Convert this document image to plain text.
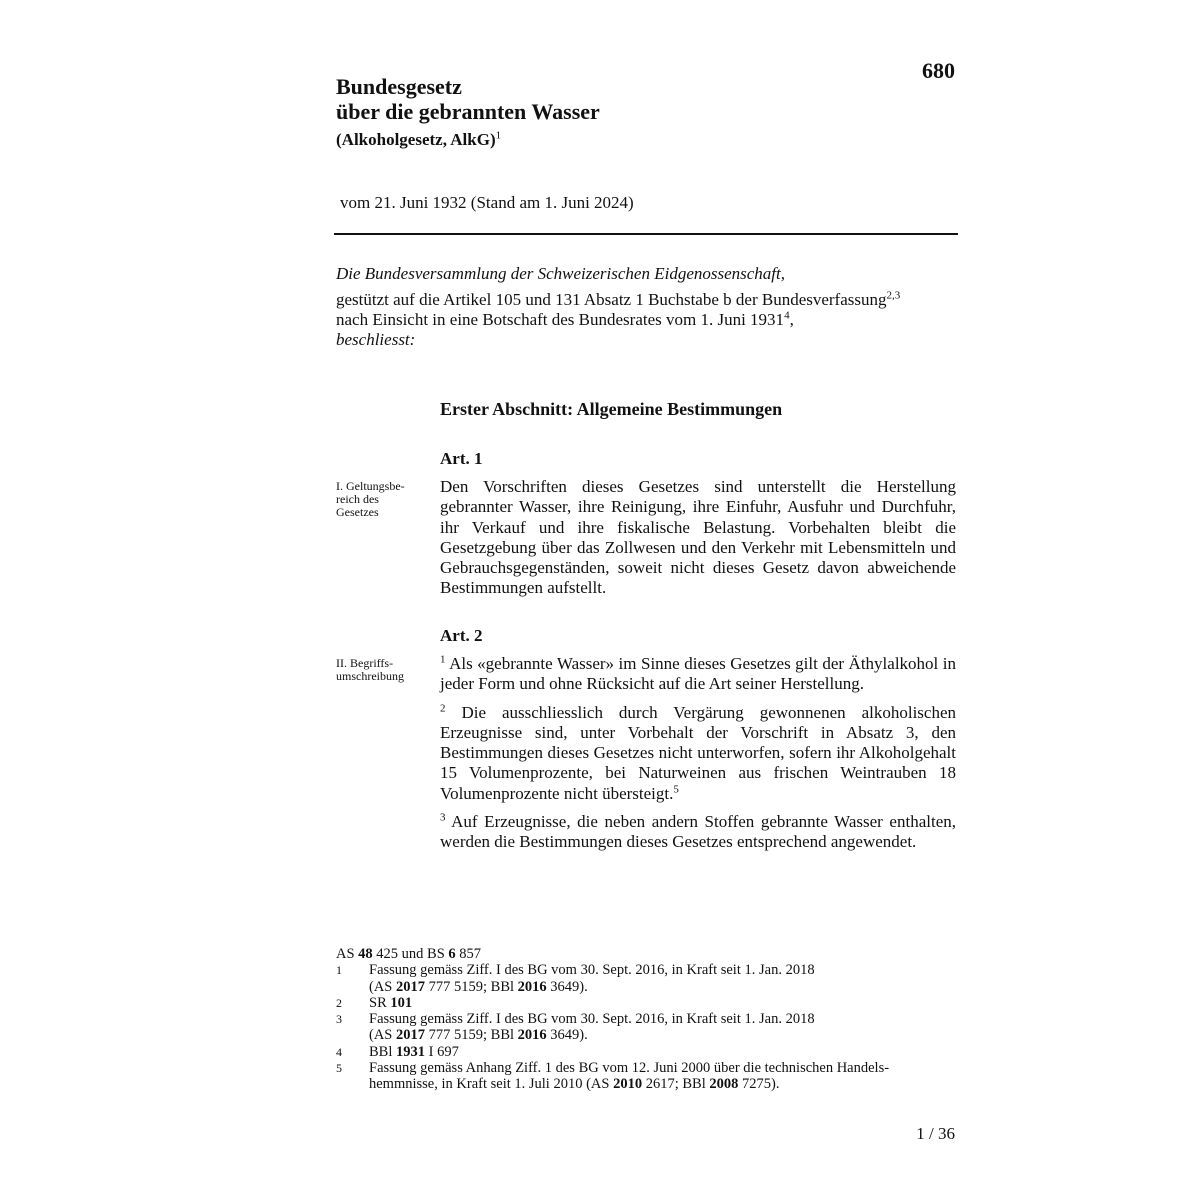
680
Bundesgesetz
über die gebrannten Wasser
(Alkoholgesetz, AlkG)$^1$
vom 21. Juni 1932 (Stand am 1. Juni 2024)
Die Bundesversammlung der Schweizerischen Eidgenossenschaft,
gestützt auf die Artikel 105 und 131 Absatz 1 Buchstabe b der Bundesverfassung$^{2,3}$
nach Einsicht in eine Botschaft des Bundesrates vom 1. Juni 1931$^4$,
beschliesst:
Erster Abschnitt: Allgemeine Bestimmungen
Art. 1
I. Geltungsbe-
reich des
Gesetzes

Den Vorschriften dieses Gesetzes sind unterstellt die Herstellung gebrannter Wasser, ihre Reinigung, ihre Einfuhr, Ausfuhr und Durchfuhr, ihr Verkauf und ihre fiskalische Belastung. Vorbehalten bleibt die Gesetzgebung über das Zollwesen und den Verkehr mit Lebensmitteln und Gebrauchsgegenständen, soweit nicht dieses Gesetz davon abweichende Bestimmungen aufstellt.

Art. 2
II. Begriffs-
umschreibung

$^1$ Als «gebrannte Wasser» im Sinne dieses Gesetzes gilt der Äthylalkohol in jeder Form und ohne Rücksicht auf die Art seiner Herstellung.

$^2$ Die ausschliesslich durch Vergärung gewonnenen alkoholischen Erzeugnisse sind, unter Vorbehalt der Vorschrift in Absatz 3, den Bestimmungen dieses Gesetzes nicht unterworfen, sofern ihr Alkoholgehalt 15 Volumenprozente, bei Naturweinen aus frischen Weintrauben 18 Volumenprozente nicht übersteigt.$^5$

$^3$ Auf Erzeugnisse, die neben andern Stoffen gebrannte Wasser enthalten, werden die Bestimmungen dieses Gesetzes entsprechend angewendet.

AS 48 425 und BS 6 857
1	Fassung gemäss Ziff. I des BG vom 30. Sept. 2016, in Kraft seit 1. Jan. 2018
(AS 2017 777 5159; BBl 2016 3649).
2	SR 101
3	Fassung gemäss Ziff. I des BG vom 30. Sept. 2016, in Kraft seit 1. Jan. 2018
(AS 2017 777 5159; BBl 2016 3649).
4	BBl 1931 I 697
5	Fassung gemäss Anhang Ziff. 1 des BG vom 12. Juni 2000 über die technischen Handels-
hemmnisse, in Kraft seit 1. Juli 2010 (AS 2010 2617; BBl 2008 7275).
1 / 36
